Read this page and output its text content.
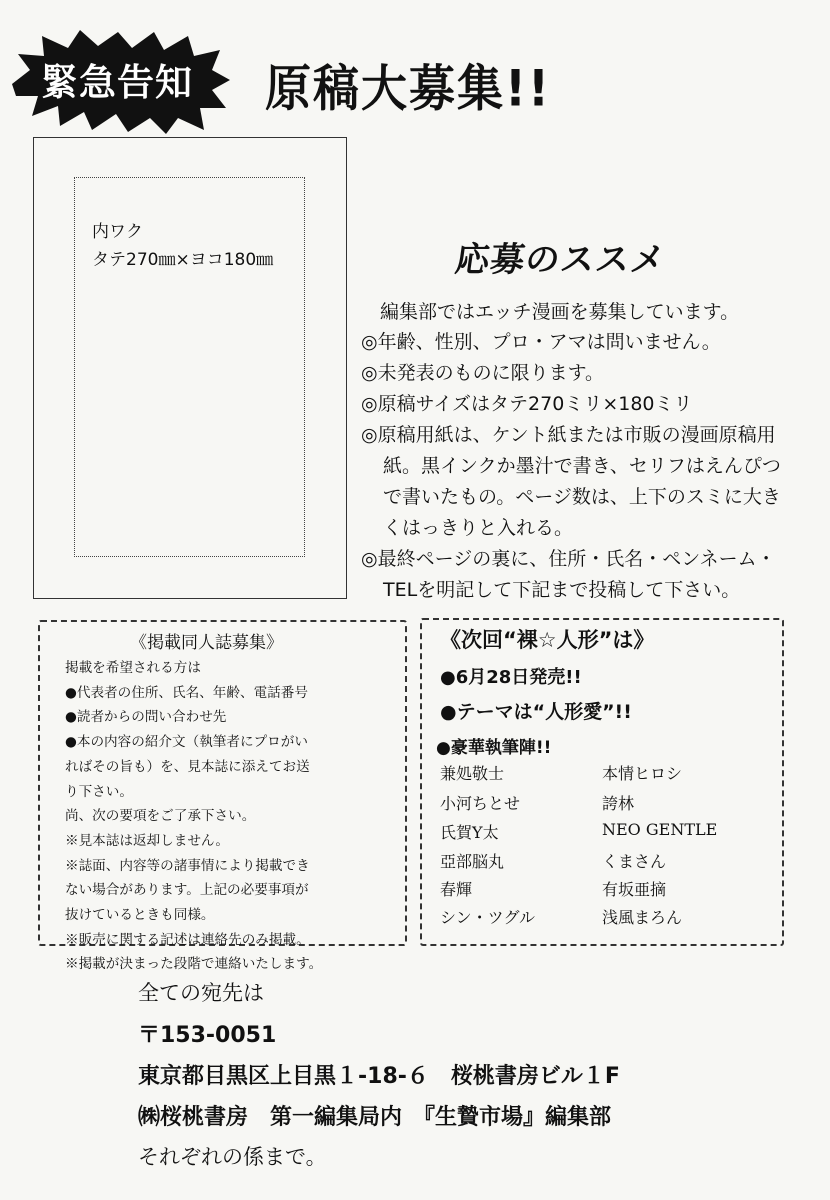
緊急告知	原稿大募集!!
内ワク
タテ270㎜×ヨコ180㎜	応募のススメ
編集部ではエッチ漫画を募集しています。
◎年齢、性別、プロ・アマは問いません。
◎未発表のものに限ります。
◎原稿サイズはタテ270ミリ×180ミリ
◎原稿用紙は、ケント紙または市販の漫画原稿用
紙。黒インクか墨汁で書き、セリフはえんぴつ
で書いたもの。ページ数は、上下のスミに大き
くはっきりと入れる。
◎最終ページの裏に、住所・氏名・ペンネーム・
TELを明記して下記まで投稿して下さい。
《掲載同人誌募集》
掲載を希望される方は
●代表者の住所、氏名、年齢、電話番号
●読者からの問い合わせ先
●本の内容の紹介文（執筆者にプロがい
ればその旨も）を、見本誌に添えてお送
り下さい。
尚、次の要項をご了承下さい。
※見本誌は返却しません。
※誌面、内容等の諸事情により掲載でき
ない場合があります。上記の必要事項が
抜けているときも同様。
※販売に関する記述は連絡先のみ掲載。
※掲載が決まった段階で連絡いたします。
《次回“裸☆人形”は》
●6月28日発売!!
●テーマは“人形愛”!!
●豪華執筆陣!!
兼処敬士
小河ちとせ
氏賀Y太
亞部脳丸
春輝
シン・ツグル
本情ヒロシ
誇林
NEO GENTLE
くまさん
有坂亜摘
浅風まろん
全ての宛先は
〒153-0051
東京都目黒区上目黒１-18-６　桜桃書房ビル１F
㈱桜桃書房　第一編集局内　『生贄市場』編集部
それぞれの係まで。
